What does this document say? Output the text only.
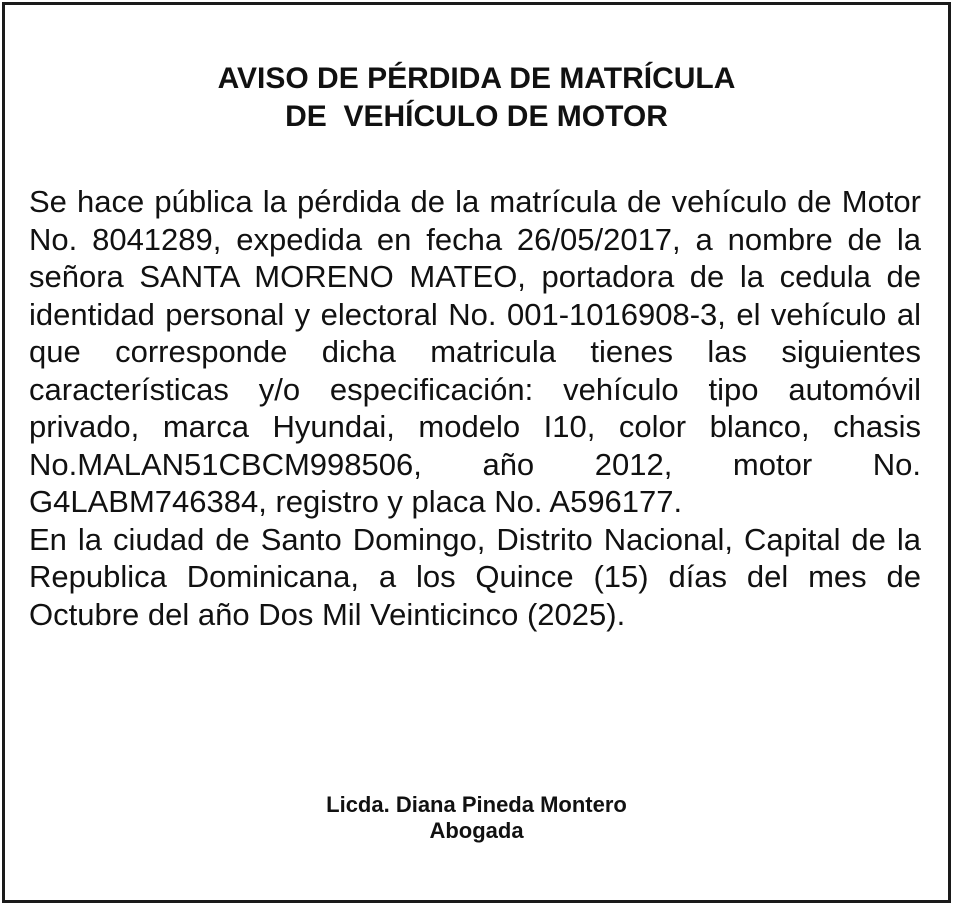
AVISO DE PÉRDIDA DE MATRÍCULA
DE  VEHÍCULO DE MOTOR

Se hace pública la pérdida de la matrícula de vehículo de Motor No. 8041289, expedida en fecha 26/05/2017, a nombre de la señora SANTA MORENO MATEO, portadora de la cedula de identidad personal y electoral No. 001-1016908-3, el vehículo al que corresponde dicha matricula tienes las siguientes características y/o especificación: vehículo tipo automóvil privado, marca Hyundai, modelo I10, color blanco, chasis No.MALAN51CBCM998506, año 2012, motor No. G4LABM746384, registro y placa No. A596177.

En la ciudad de Santo Domingo, Distrito Nacional, Capital de la Republica Dominicana, a los Quince (15) días del mes de Octubre del año Dos Mil Veinticinco (2025).

Licda. Diana Pineda Montero
Abogada
